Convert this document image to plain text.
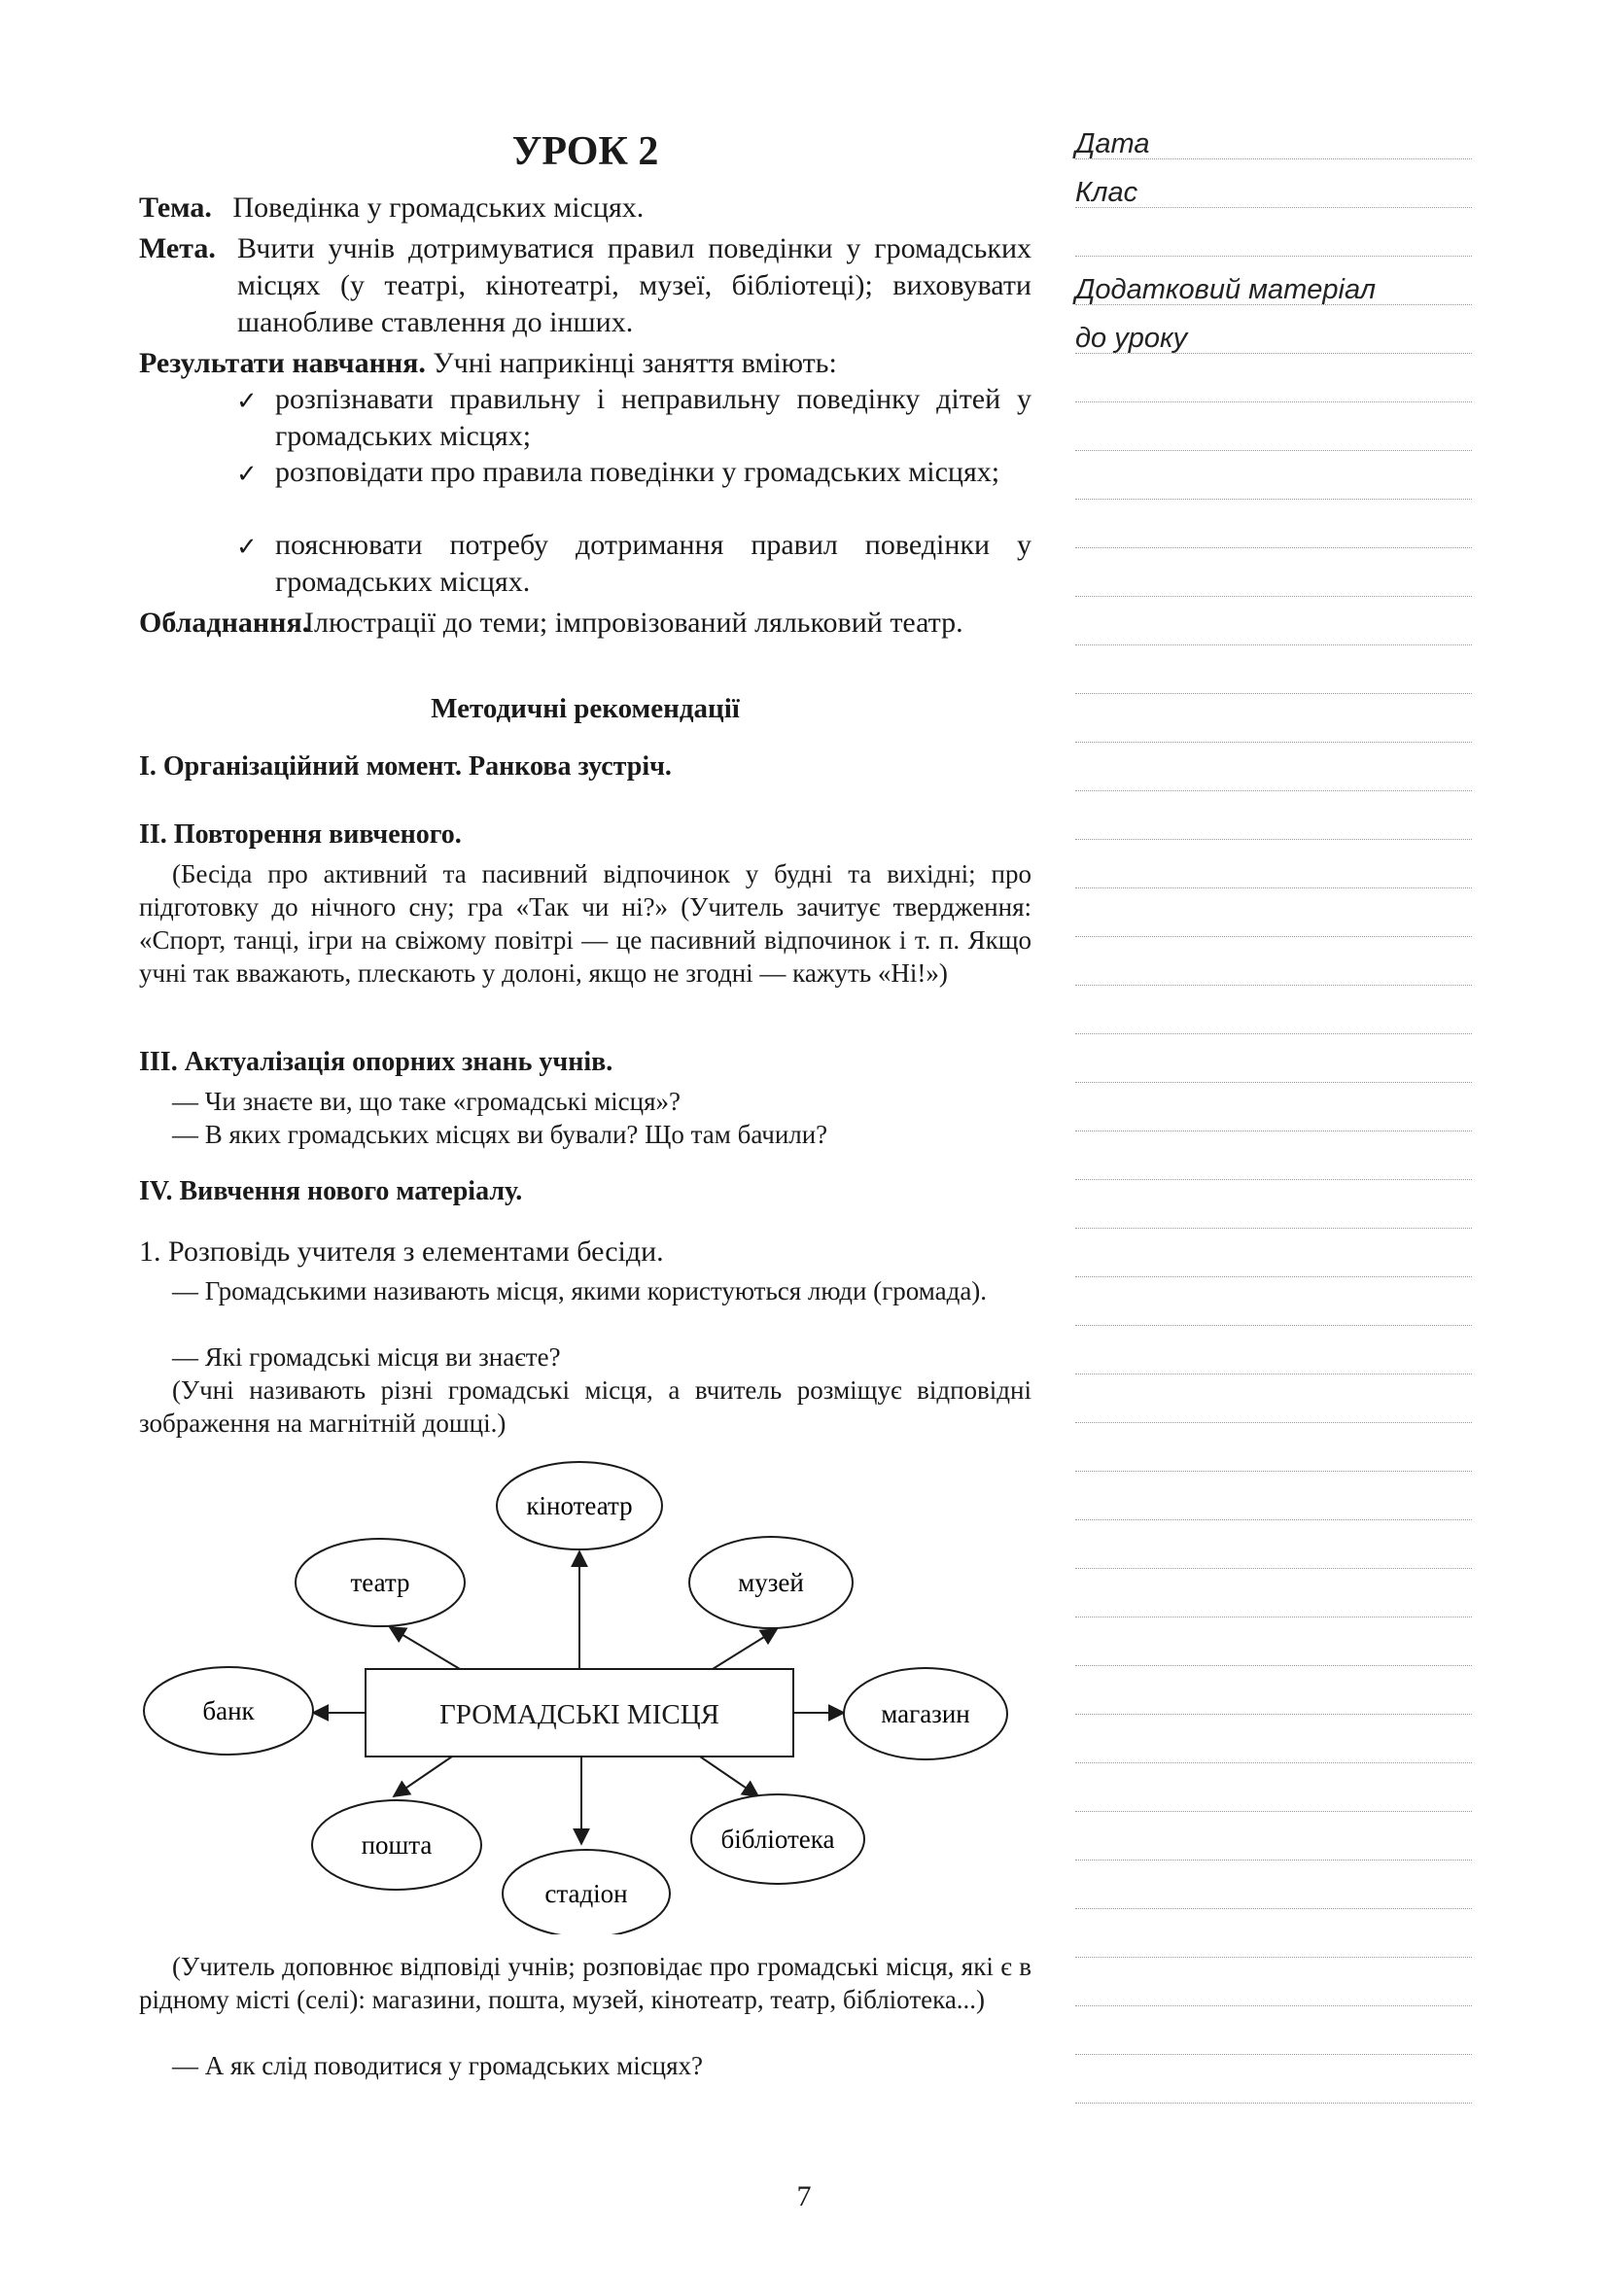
УРОК 2
Тема. Поведінка у громадських місцях.
Мета. Вчити учнів дотримуватися правил поведінки у громадських місцях (у театрі, кінотеатрі, музеї, бібліотеці); виховувати шанобливе ставлення до інших.
Результати навчання. Учні наприкінці заняття вміють:
✓ розпізнавати правильну і неправильну поведінку дітей у громадських місцях;
✓ розповідати про правила поведінки у громадських місцях;
✓ пояснювати потребу дотримання правил поведінки у громадських місцях.
Обладнання.
Ілюстрації до теми; імпровізований ляльковий театр.
Методичні рекомендації
I. Організаційний момент. Ранкова зустріч.
II. Повторення вивченого.
(Бесіда про активний та пасивний відпочинок у будні та вихідні; про підготовку до нічного сну; гра «Так чи ні?» (Учитель зачитує твердження: «Спорт, танці, ігри на свіжому повітрі — це пасивний відпочинок і т. п. Якщо учні так вважають, плескають у долоні, якщо не згодні — кажуть «Ні!»)
III. Актуалізація опорних знань учнів.
— Чи знаєте ви, що таке «громадські місця»?
— В яких громадських місцях ви бували? Що там бачили?
IV. Вивчення нового матеріалу.
1. Розповідь учителя з елементами бесіди.
— Громадськими називають місця, якими користуються люди (громада).
— Які громадські місця ви знаєте?
(Учні називають різні громадські місця, а вчитель розміщує відповідні зображення на магнітній дошці.)
ГРОМАДСЬКІ МІСЦЯ
кінотеатр
театр	музей
банк	магазин
пошта
стадіон
бібліотека
(Учитель доповнює відповіді учнів; розповідає про громадські місця, які є в рідному місті (селі): магазини, пошта, музей, кінотеатр, театр, бібліотека...)
— А як слід поводитися у громадських місцях?
Дата
Клас
Додатковий матеріал
до уроку
7
